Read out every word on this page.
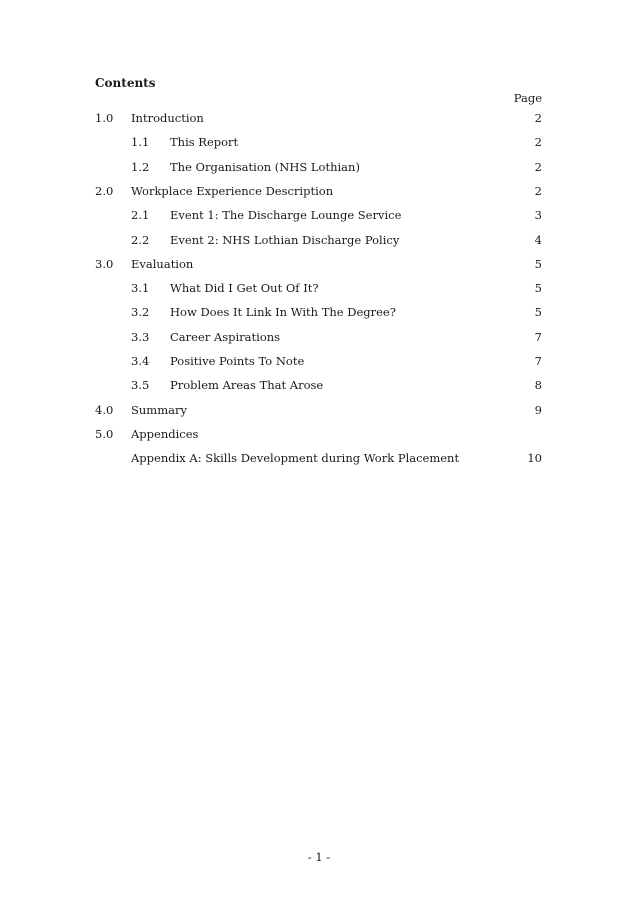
Contents
Page
1.0 Introduction	2
1.1 This Report	2
1.2 The Organisation (NHS Lothian)	2
2.0 Workplace Experience Description	2
2.1 Event 1: The Discharge Lounge Service	3
2.2 Event 2: NHS Lothian Discharge Policy	4
3.0 Evaluation	5
3.1 What Did I Get Out Of It?	5
3.2 How Does It Link In With The Degree?	5
3.3 Career Aspirations	7
3.4 Positive Points To Note	7
3.5 Problem Areas That Arose	8
4.0 Summary	9
5.0 Appendices
Appendix A: Skills Development during Work Placement	10
- 1 -
